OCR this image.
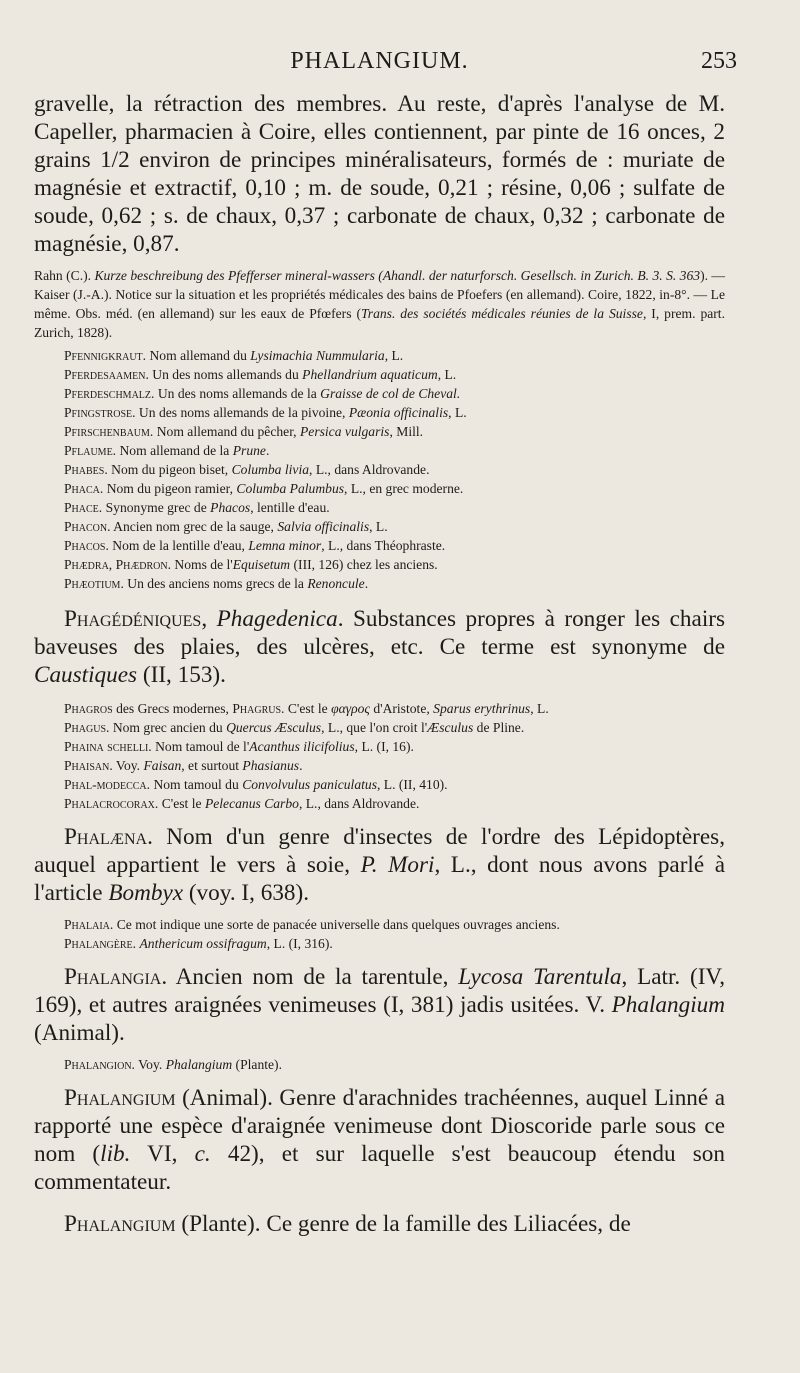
PHALANGIUM.	253

gravelle, la rétraction des membres. Au reste, d'après l'analyse de M. Capeller, pharmacien à Coire, elles contiennent, par pinte de 16 onces, 2 grains 1/2 environ de principes minéralisateurs, formés de : muriate de magnésie et extractif, 0,10 ; m. de soude, 0,21 ; résine, 0,06 ; sulfate de soude, 0,62 ; s. de chaux, 0,37 ; carbonate de chaux, 0,32 ; carbonate de magnésie, 0,87.

Rahn (C.). Kurze beschreibung des Pfefferser mineral-wassers (Ahandl. der naturforsch. Gesellsch. in Zurich. B. 3. S. 363). — Kaiser (J.-A.). Notice sur la situation et les propriétés médicales des bains de Pfoefers (en allemand). Coire, 1822, in-8°. — Le même. Obs. méd. (en allemand) sur les eaux de Pfœfers (Trans. des sociétés médicales réunies de la Suisse, I, prem. part. Zurich, 1828).

Pfennigkraut. Nom allemand du Lysimachia Nummularia, L.

Pferdesaamen. Un des noms allemands du Phellandrium aquaticum, L.

Pferdeschmalz. Un des noms allemands de la Graisse de col de Cheval.

Pfingstrose. Un des noms allemands de la pivoine, Pæonia officinalis, L.

Pfirschenbaum. Nom allemand du pêcher, Persica vulgaris, Mill.

Pflaume. Nom allemand de la Prune.

Phabes. Nom du pigeon biset, Columba livia, L., dans Aldrovande.

Phaca. Nom du pigeon ramier, Columba Palumbus, L., en grec moderne.

Phace. Synonyme grec de Phacos, lentille d'eau.

Phacon. Ancien nom grec de la sauge, Salvia officinalis, L.

Phacos. Nom de la lentille d'eau, Lemna minor, L., dans Théophraste.

Phædra, Phædron. Noms de l'Equisetum (III, 126) chez les anciens.

Phæotium. Un des anciens noms grecs de la Renoncule.

Phagédéniques, Phagedenica. Substances propres à ronger les chairs baveuses des plaies, des ulcères, etc. Ce terme est synonyme de Caustiques (II, 153).

Phagros des Grecs modernes, Phagrus. C'est le φαγρος d'Aristote, Sparus erythrinus, L.

Phagus. Nom grec ancien du Quercus Æsculus, L., que l'on croit l'Æsculus de Pline.

Phaina schelli. Nom tamoul de l'Acanthus ilicifolius, L. (I, 16).

Phaisan. Voy. Faisan, et surtout Phasianus.

Phal-modecca. Nom tamoul du Convolvulus paniculatus, L. (II, 410).

Phalacrocorax. C'est le Pelecanus Carbo, L., dans Aldrovande.

Phalæna. Nom d'un genre d'insectes de l'ordre des Lépidoptères, auquel appartient le vers à soie, P. Mori, L., dont nous avons parlé à l'article Bombyx (voy. I, 638).

Phalaia. Ce mot indique une sorte de panacée universelle dans quelques ouvrages anciens.

Phalangère. Anthericum ossifragum, L. (I, 316).

Phalangia. Ancien nom de la tarentule, Lycosa Tarentula, Latr. (IV, 169), et autres araignées venimeuses (I, 381) jadis usitées. V. Phalangium (Animal).

Phalangion. Voy. Phalangium (Plante).

Phalangium (Animal). Genre d'arachnides trachéennes, auquel Linné a rapporté une espèce d'araignée venimeuse dont Dioscoride parle sous ce nom (lib. VI, c. 42), et sur laquelle s'est beaucoup étendu son commentateur.

Phalangium (Plante). Ce genre de la famille des Liliacées, de
